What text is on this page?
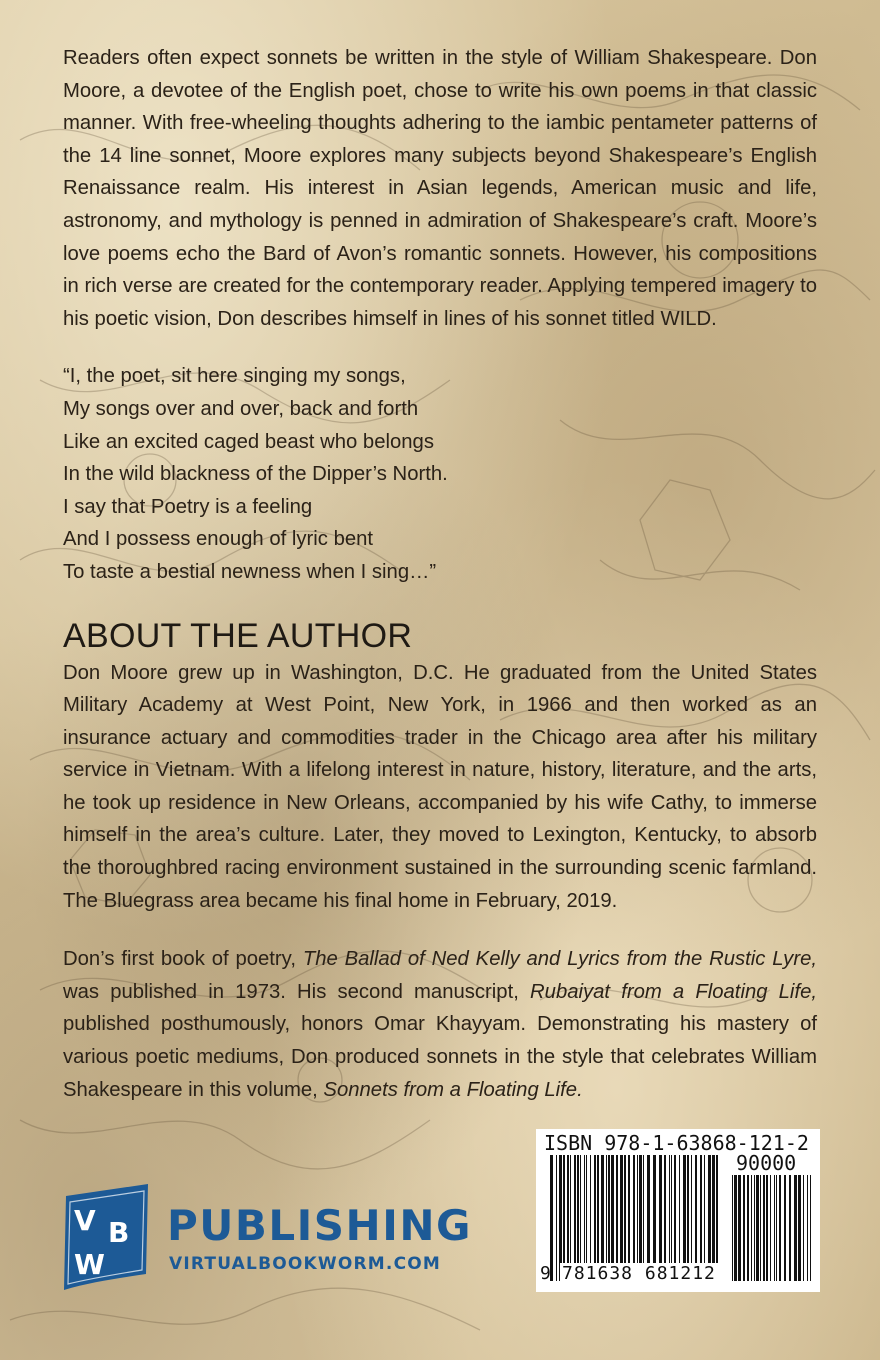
Readers often expect sonnets be written in the style of William Shakespeare. Don Moore, a devotee of the English poet, chose to write his own poems in that classic manner. With free-wheeling thoughts adhering to the iambic pentameter patterns of the 14 line sonnet, Moore explores many subjects beyond Shakespeare’s English Renaissance realm. His interest in Asian legends, American music and life, astronomy, and mythology is penned in admiration of Shakespeare’s craft. Moore’s love poems echo the Bard of Avon’s romantic sonnets. However, his compositions in rich verse are created for the contemporary reader. Applying tempered imagery to his poetic vision, Don describes himself in lines of his sonnet titled WILD.

“I, the poet, sit here singing my songs,
My songs over and over, back and forth
Like an excited caged beast who belongs
In the wild blackness of the Dipper’s North.
I say that Poetry is a feeling
And I possess enough of lyric bent
To taste a bestial newness when I sing…”
ABOUT THE AUTHOR

Don Moore grew up in Washington, D.C. He graduated from the United States Military Academy at West Point, New York, in 1966 and then worked as an insurance actuary and commodities trader in the Chicago area after his military service in Vietnam. With a lifelong interest in nature, history, literature, and the arts, he took up residence in New Orleans, accompanied by his wife Cathy, to immerse himself in the area’s culture. Later, they moved to Lexington, Kentucky, to absorb the thoroughbred racing environment sustained in the surrounding scenic farmland. The Bluegrass area became his final home in February, 2019.

Don’s first book of poetry, The Ballad of Ned Kelly and Lyrics from the Rustic Lyre, was published in 1973. His second manuscript, Rubaiyat from a Floating Life, published posthumously, honors Omar Khayyam. Demonstrating his mastery of various poetic mediums, Don produced sonnets in the style that celebrates William Shakespeare in this volume, Sonnets from a Floating Life.

V B
W
PUBLISHING
VIRTUALBOOKWORM.COM
ISBN 978-1-63868-121-2
90000
9 781638 681212
